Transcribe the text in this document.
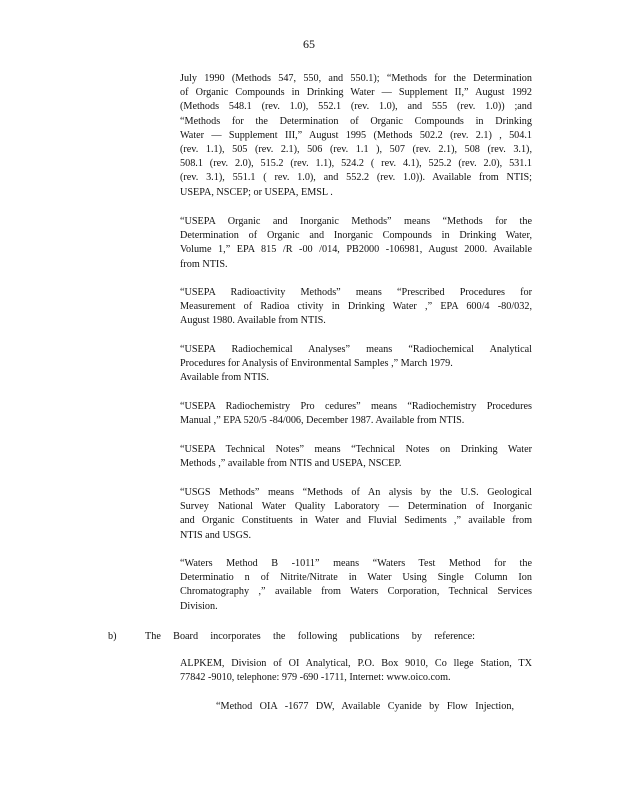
65
July 1990 (Methods 547, 550, and 550.1); “Methods for the Determination
of Organic Compounds in Drinking Water — Supplement II,” August 1992
(Methods 548.1 (rev. 1.0), 552.1 (rev. 1.0), and 555 (rev. 1.0)) ;and
“Methods for the Determination of Organic Compounds in Drinking
Water — Supplement III,” August 1995 (Methods 502.2 (rev. 2.1) , 504.1
(rev. 1.1), 505 (rev. 2.1), 506 (rev. 1.1 ), 507 (rev. 2.1), 508 (rev. 3.1),
508.1 (rev. 2.0), 515.2 (rev. 1.1), 524.2 ( rev. 4.1), 525.2 (rev. 2.0), 531.1
(rev. 3.1), 551.1 ( rev. 1.0), and 552.2 (rev. 1.0)). Available from NTIS;
USEPA, NSCEP; or USEPA, EMSL .
“USEPA Organic and Inorganic Methods” means “Methods for the
Determination of Organic and Inorganic Compounds in Drinking Water,
Volume 1,” EPA 815 /R -00 /014, PB2000 -106981, August 2000. Available
from NTIS.
“USEPA Radioactivity Methods” means “Prescribed Procedures for
Measurement of Radioa ctivity in Drinking Water ,” EPA 600/4 -80/032,
August 1980. Available from NTIS.
“USEPA Radiochemical Analyses” means “Radiochemical Analytical
Procedures for Analysis of Environmental Samples ,” March 1979.
Available from NTIS.
“USEPA Radiochemistry Pro cedures” means “Radiochemistry Procedures
Manual ,” EPA 520/5 -84/006, December 1987. Available from NTIS.
“USEPA Technical Notes” means “Technical Notes on Drinking Water
Methods ,” available from NTIS and USEPA, NSCEP.
“USGS Methods” means “Methods of An alysis by the U.S. Geological
Survey National Water Quality Laboratory — Determination of Inorganic
and Organic Constituents in Water and Fluvial Sediments ,” available from
NTIS and USGS.
“Waters Method B -1011” means “Waters Test Method for the
Determinatio n of Nitrite/Nitrate in Water Using Single Column Ion
Chromatography ,” available from Waters Corporation, Technical Services
Division.
b)	The Board incorporates the following publications by reference:
ALPKEM, Division of OI Analytical, P.O. Box 9010, Co llege Station, TX
77842 -9010, telephone: 979 -690 -1711, Internet: www.oico.com.
“Method OIA -1677 DW, Available Cyanide by Flow Injection,
